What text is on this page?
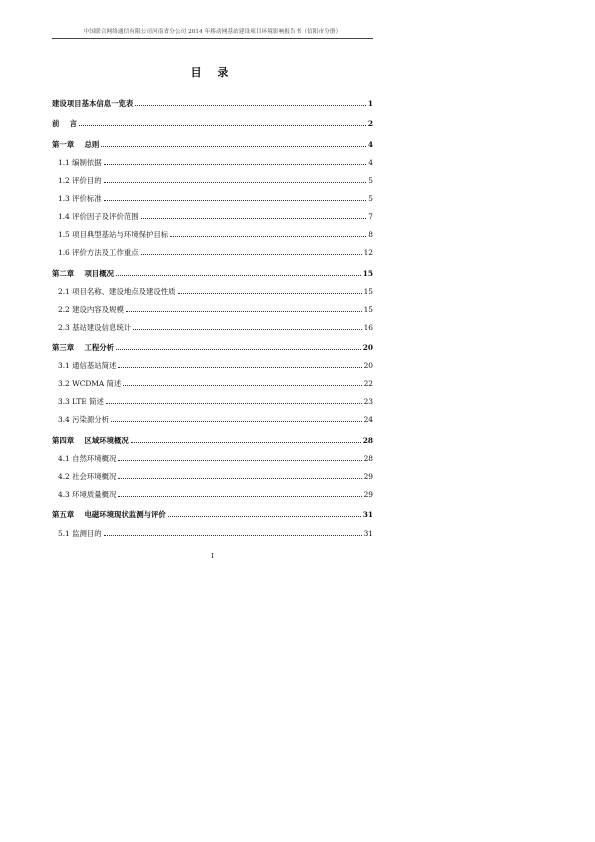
中国联合网络通信有限公司河南省分公司 2014 年移动网基站建设项目环境影响报告书（信阳市分册）
目 录
建设项目基本信息一览表	1
前    言	2
第一章    总则	4
1.1 编制依据	4
1.2 评价目的	5
1.3 评价标准	5
1.4 评价因子及评价范围	7
1.5 项目典型基站与环境保护目标	8
1.6 评价方法及工作重点	12
第二章    项目概况	15
2.1 项目名称、建设地点及建设性质	15
2.2 建设内容及规模	15
2.3 基站建设信息统计	16
第三章    工程分析	20
3.1 通信基站简述	20
3.2 WCDMA 简述	22
3.3 LTE 简述	23
3.4 污染源分析	24
第四章    区域环境概况	28
4.1 自然环境概况	28
4.2 社会环境概况	29
4.3 环境质量概况	29
第五章    电磁环境现状监测与评价	31
5.1 监测目的	31
I
